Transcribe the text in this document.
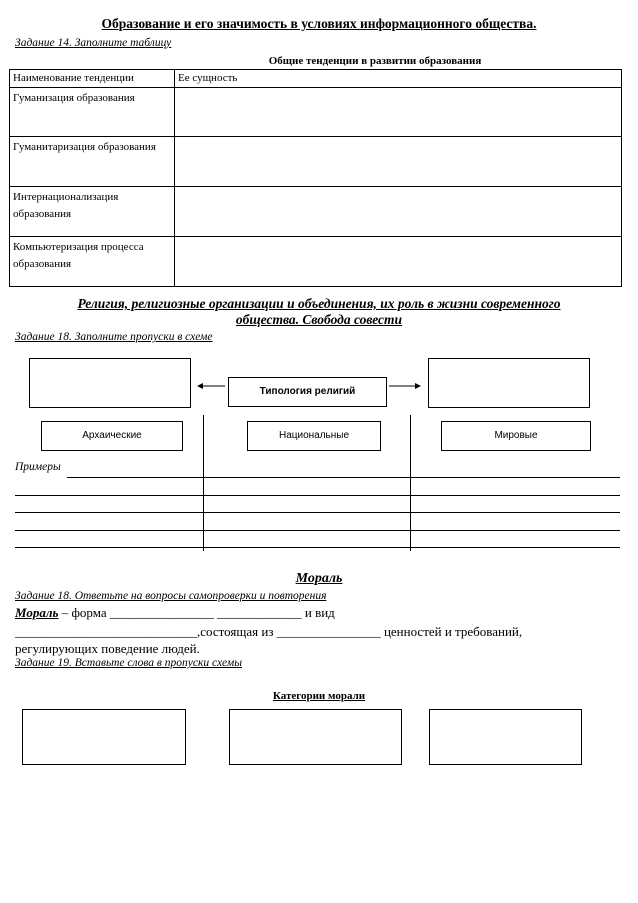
Образование и его значимость в условиях информационного общества.
Задание 14. Заполните таблицу
Общие тенденции в развитии образования
Наименование тенденции	Ее сущность
Гуманизация образования	
Гуманитаризация образования	
Интернационализация образования	
Компьютеризация процесса образования	
Религия, религиозные организации и объединения, их роль в жизни современного
общества. Свобода совести
Задание 18. Заполните пропуски в схеме
Типология религий
Архаические	Национальные	Мировые
Примеры
Мораль
Задание 18. Ответьте на вопросы самопроверки и повторения
Мораль – форма ________________ _____________ и вид
____________________________,состоящая из ________________ ценностей и требований,
регулирующих поведение людей.
Задание 19. Вставьте слова в пропуски схемы
Категории морали
